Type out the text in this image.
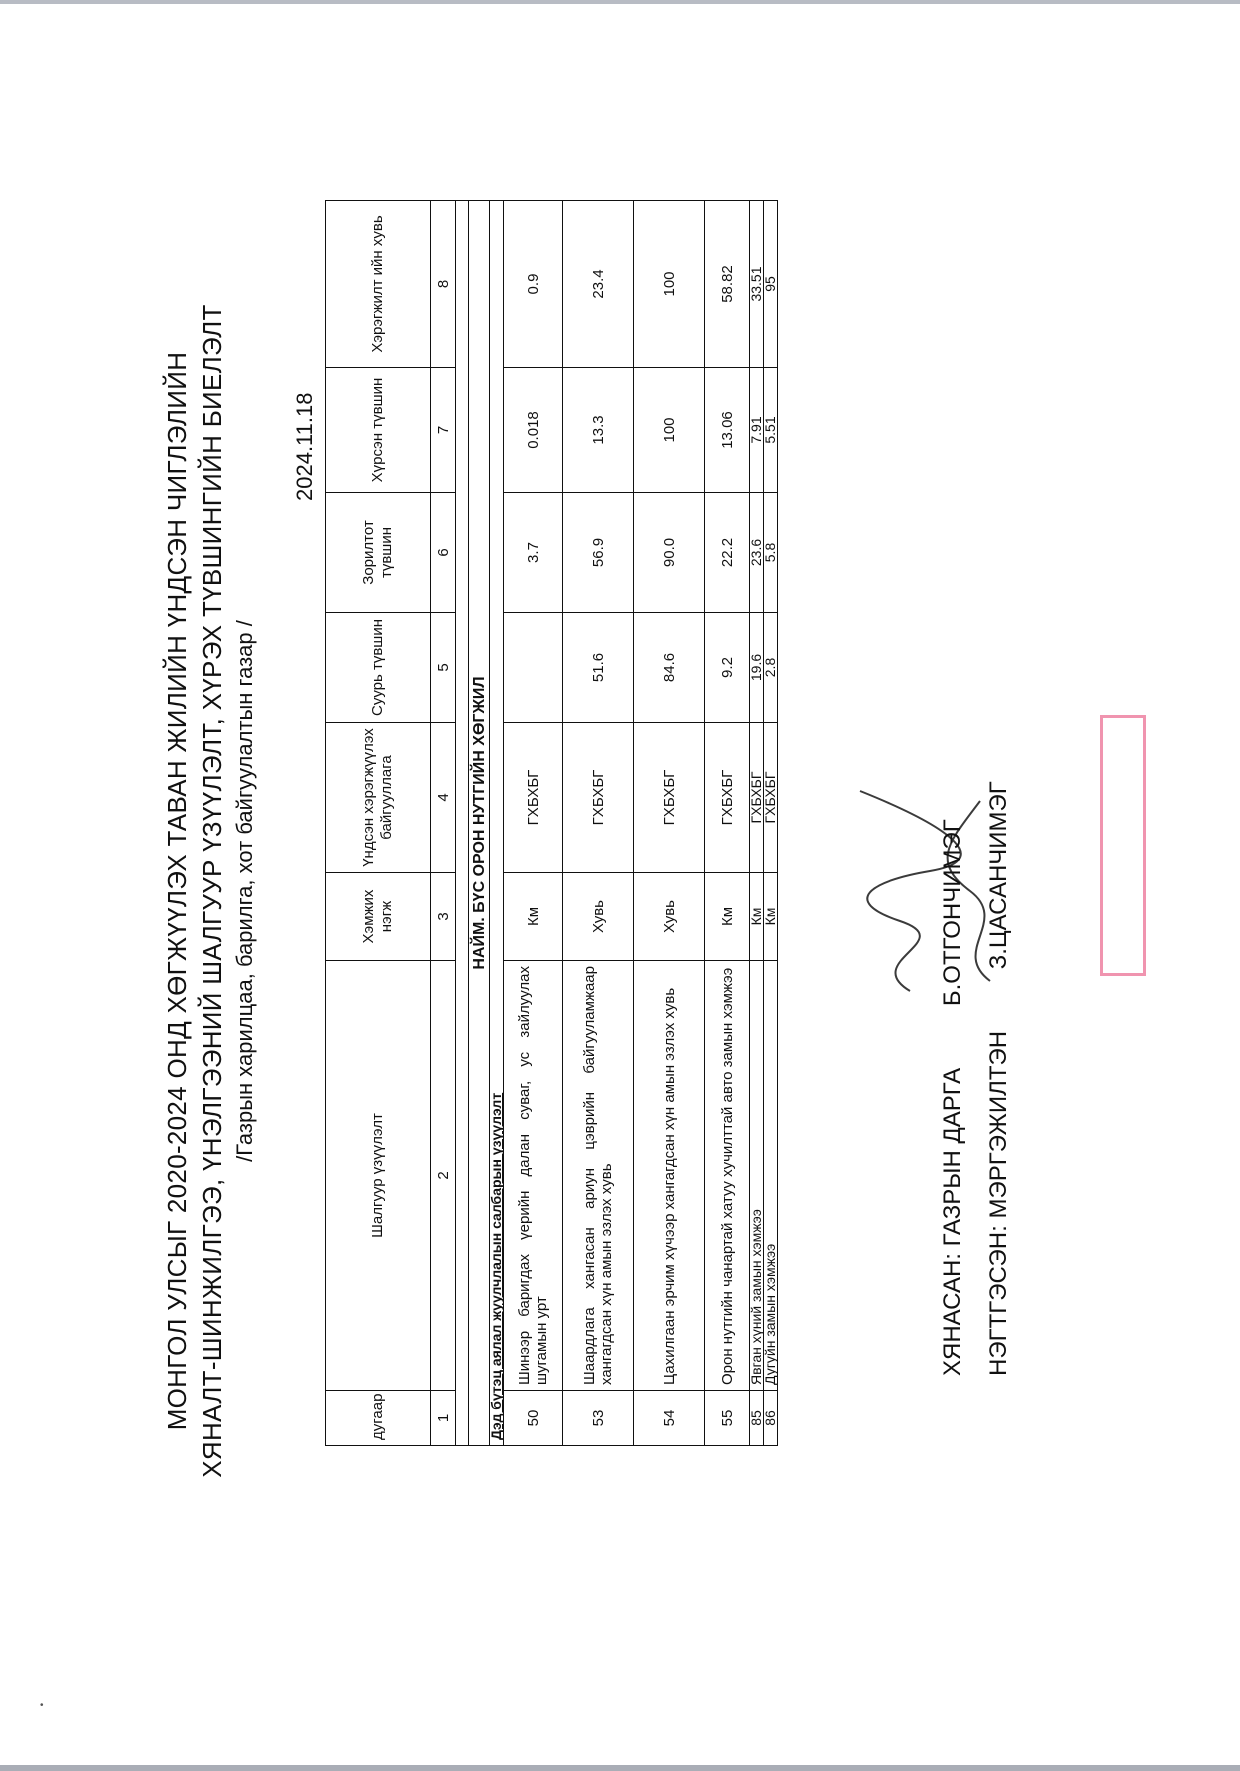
•
МОНГОЛ УЛСЫГ 2020-2024 ОНД ХӨГЖҮҮЛЭХ ТАВАН ЖИЛИЙН ҮНДСЭН ЧИГЛЭЛИЙН ХЯНАЛТ-ШИНЖИЛГЭЭ, ҮНЭЛГЭЭНИЙ ШАЛГУУР ҮЗҮҮЛЭЛТ, ХҮРЭХ ТҮВШИНГИЙН БИЕЛЭЛТ /Газрын харилцаа, барилга, хот байгуулалтын газар /
2024.11.18
дугаар	Шалгуур үзүүлэлт	Хэмжих нэгж	Үндсэн хэрэгжүүлэх байгууллага	Суурь түвшин	Зорилтот түвшин	Хүрсэн түвшин	Хэрэгжилт ийн хувь
1	2	3	4	5	6	7	8

НАЙМ. БҮС ОРОН НУТГИЙН ХӨГЖИЛ							
Дэд бүтэц аялал жуулчлалын салбарын үзүүлэлт							
50	Шинээр баригдах үерийн далан суваг, ус зайлуулах шугамын урт	Км	ГХБХБГ		3.7	0.018	0.9
53	Шаардлага хангасан ариун цэврийн байгууламжаар хангагдсан хүн амын эзлэх хувь	Хувь	ГХБХБГ	51.6	56.9	13.3	23.4
54	Цахилгаан эрчим хүчээр хангагдсан хүн амын эзлэх хувь	Хувь	ГХБХБГ	84.6	90.0	100	100
55	Орон нутгийн чанартай хатуу хучилттай авто замын хэмжээ	Км	ГХБХБГ	9.2	22.2	13.06	58.82
85	Явган хүний замын хэмжээ	Км	ГХБХБГ	19.6	23.6	7.91	33.51
86	Дугуйн замын хэмжээ	Км	ГХБХБГ	2.8	5.8	5.51	95
ХЯНАСАН: ГАЗРЫН ДАРГА Б.ОТГОНЧИМЭГ
НЭГТГЭСЭН: МЭРГЭЖИЛТЭН З.ЦАСАНЧИМЭГ
